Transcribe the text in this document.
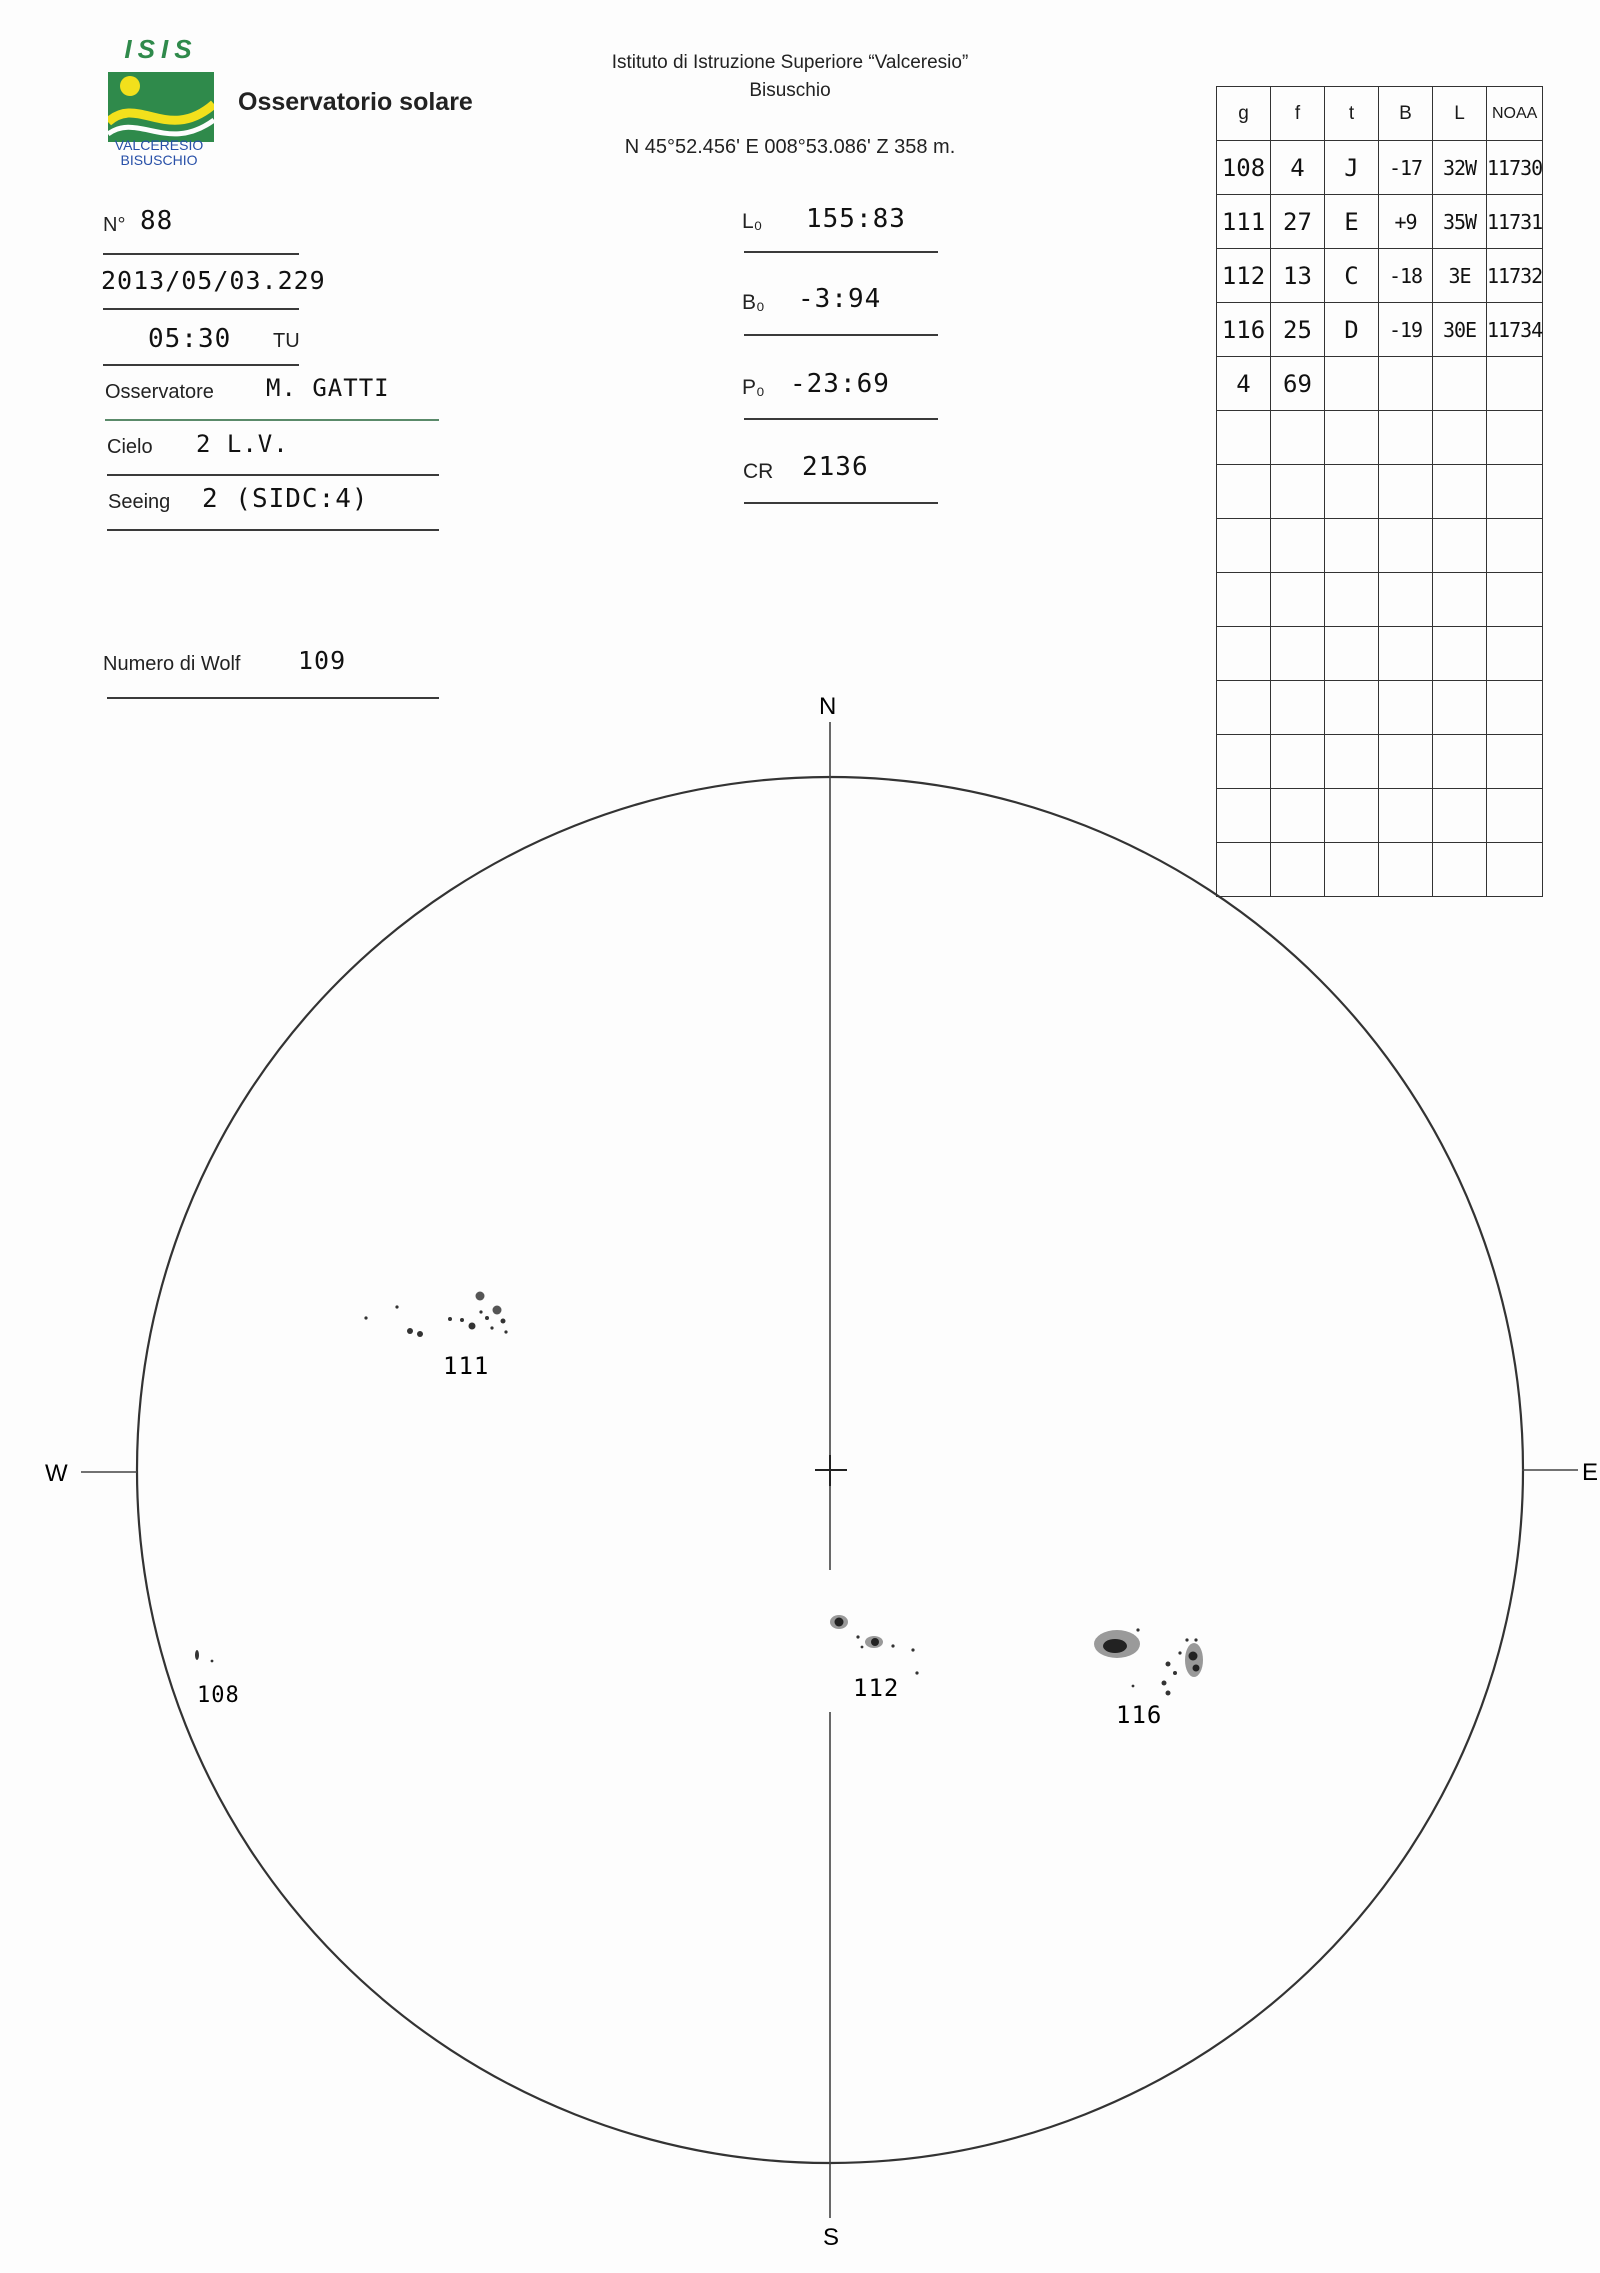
ISIS
VALCERESIO
BISUSCHIO
Osservatorio solare
Istituto di Istruzione Superiore “Valceresio”
Bisuschio
N 45°52.456' E 008°53.086' Z 358 m.
N° 88
2013/05/03.229
05:30 TU
Osservatore M. GATTI
Cielo 2 L.V.
Seeing 2 (SIDC:4)
Numero di Wolf 109
L₀ 155:83
B₀ -3:94
P₀ -23:69
CR 2136
g	f	t	B	L	NOAA
108	4	J	-17	32W	11730
111	27	E	+9	35W	11731
112	13	C	-18	3E	11732
116	25	D	-19	30E	11734
4	69				

111
108	112
116
N
S
W	E
